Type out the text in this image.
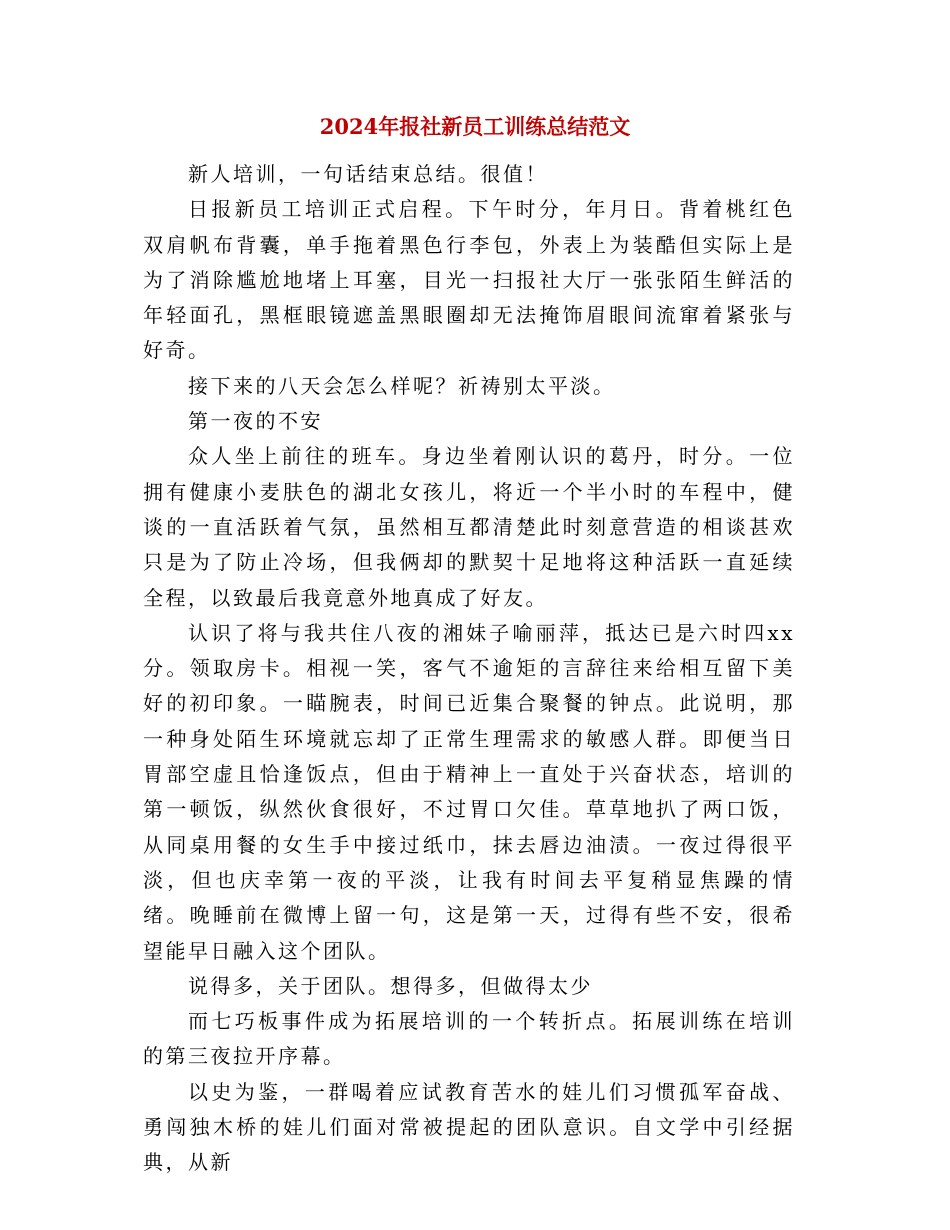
2024年报社新员工训练总结范文

新人培训，一句话结束总结。很值！

日报新员工培训正式启程。下午时分，年月日。背着桃红色双肩帆布背囊，单手拖着黑色行李包，外表上为装酷但实际上是为了消除尴尬地堵上耳塞，目光一扫报社大厅一张张陌生鲜活的年轻面孔，黑框眼镜遮盖黑眼圈却无法掩饰眉眼间流窜着紧张与好奇。

接下来的八天会怎么样呢？祈祷别太平淡。

第一夜的不安

众人坐上前往的班车。身边坐着刚认识的葛丹，时分。一位拥有健康小麦肤色的湖北女孩儿，将近一个半小时的车程中，健谈的一直活跃着气氛，虽然相互都清楚此时刻意营造的相谈甚欢只是为了防止冷场，但我俩却的默契十足地将这种活跃一直延续全程，以致最后我竟意外地真成了好友。

认识了将与我共住八夜的湘妹子喻丽萍，抵达已是六时四xx分。领取房卡。相视一笑，客气不逾矩的言辞往来给相互留下美好的初印象。一瞄腕表，时间已近集合聚餐的钟点。此说明，那一种身处陌生环境就忘却了正常生理需求的敏感人群。即便当日胃部空虚且恰逢饭点，但由于精神上一直处于兴奋状态，培训的第一顿饭，纵然伙食很好，不过胃口欠佳。草草地扒了两口饭，从同桌用餐的女生手中接过纸巾，抹去唇边油渍。一夜过得很平淡，但也庆幸第一夜的平淡，让我有时间去平复稍显焦躁的情绪。晚睡前在微博上留一句，这是第一天，过得有些不安，很希望能早日融入这个团队。

说得多，关于团队。想得多，但做得太少

而七巧板事件成为拓展培训的一个转折点。拓展训练在培训的第三夜拉开序幕。

以史为鉴，一群喝着应试教育苦水的娃儿们习惯孤军奋战、勇闯独木桥的娃儿们面对常被提起的团队意识。自文学中引经据典，从新
